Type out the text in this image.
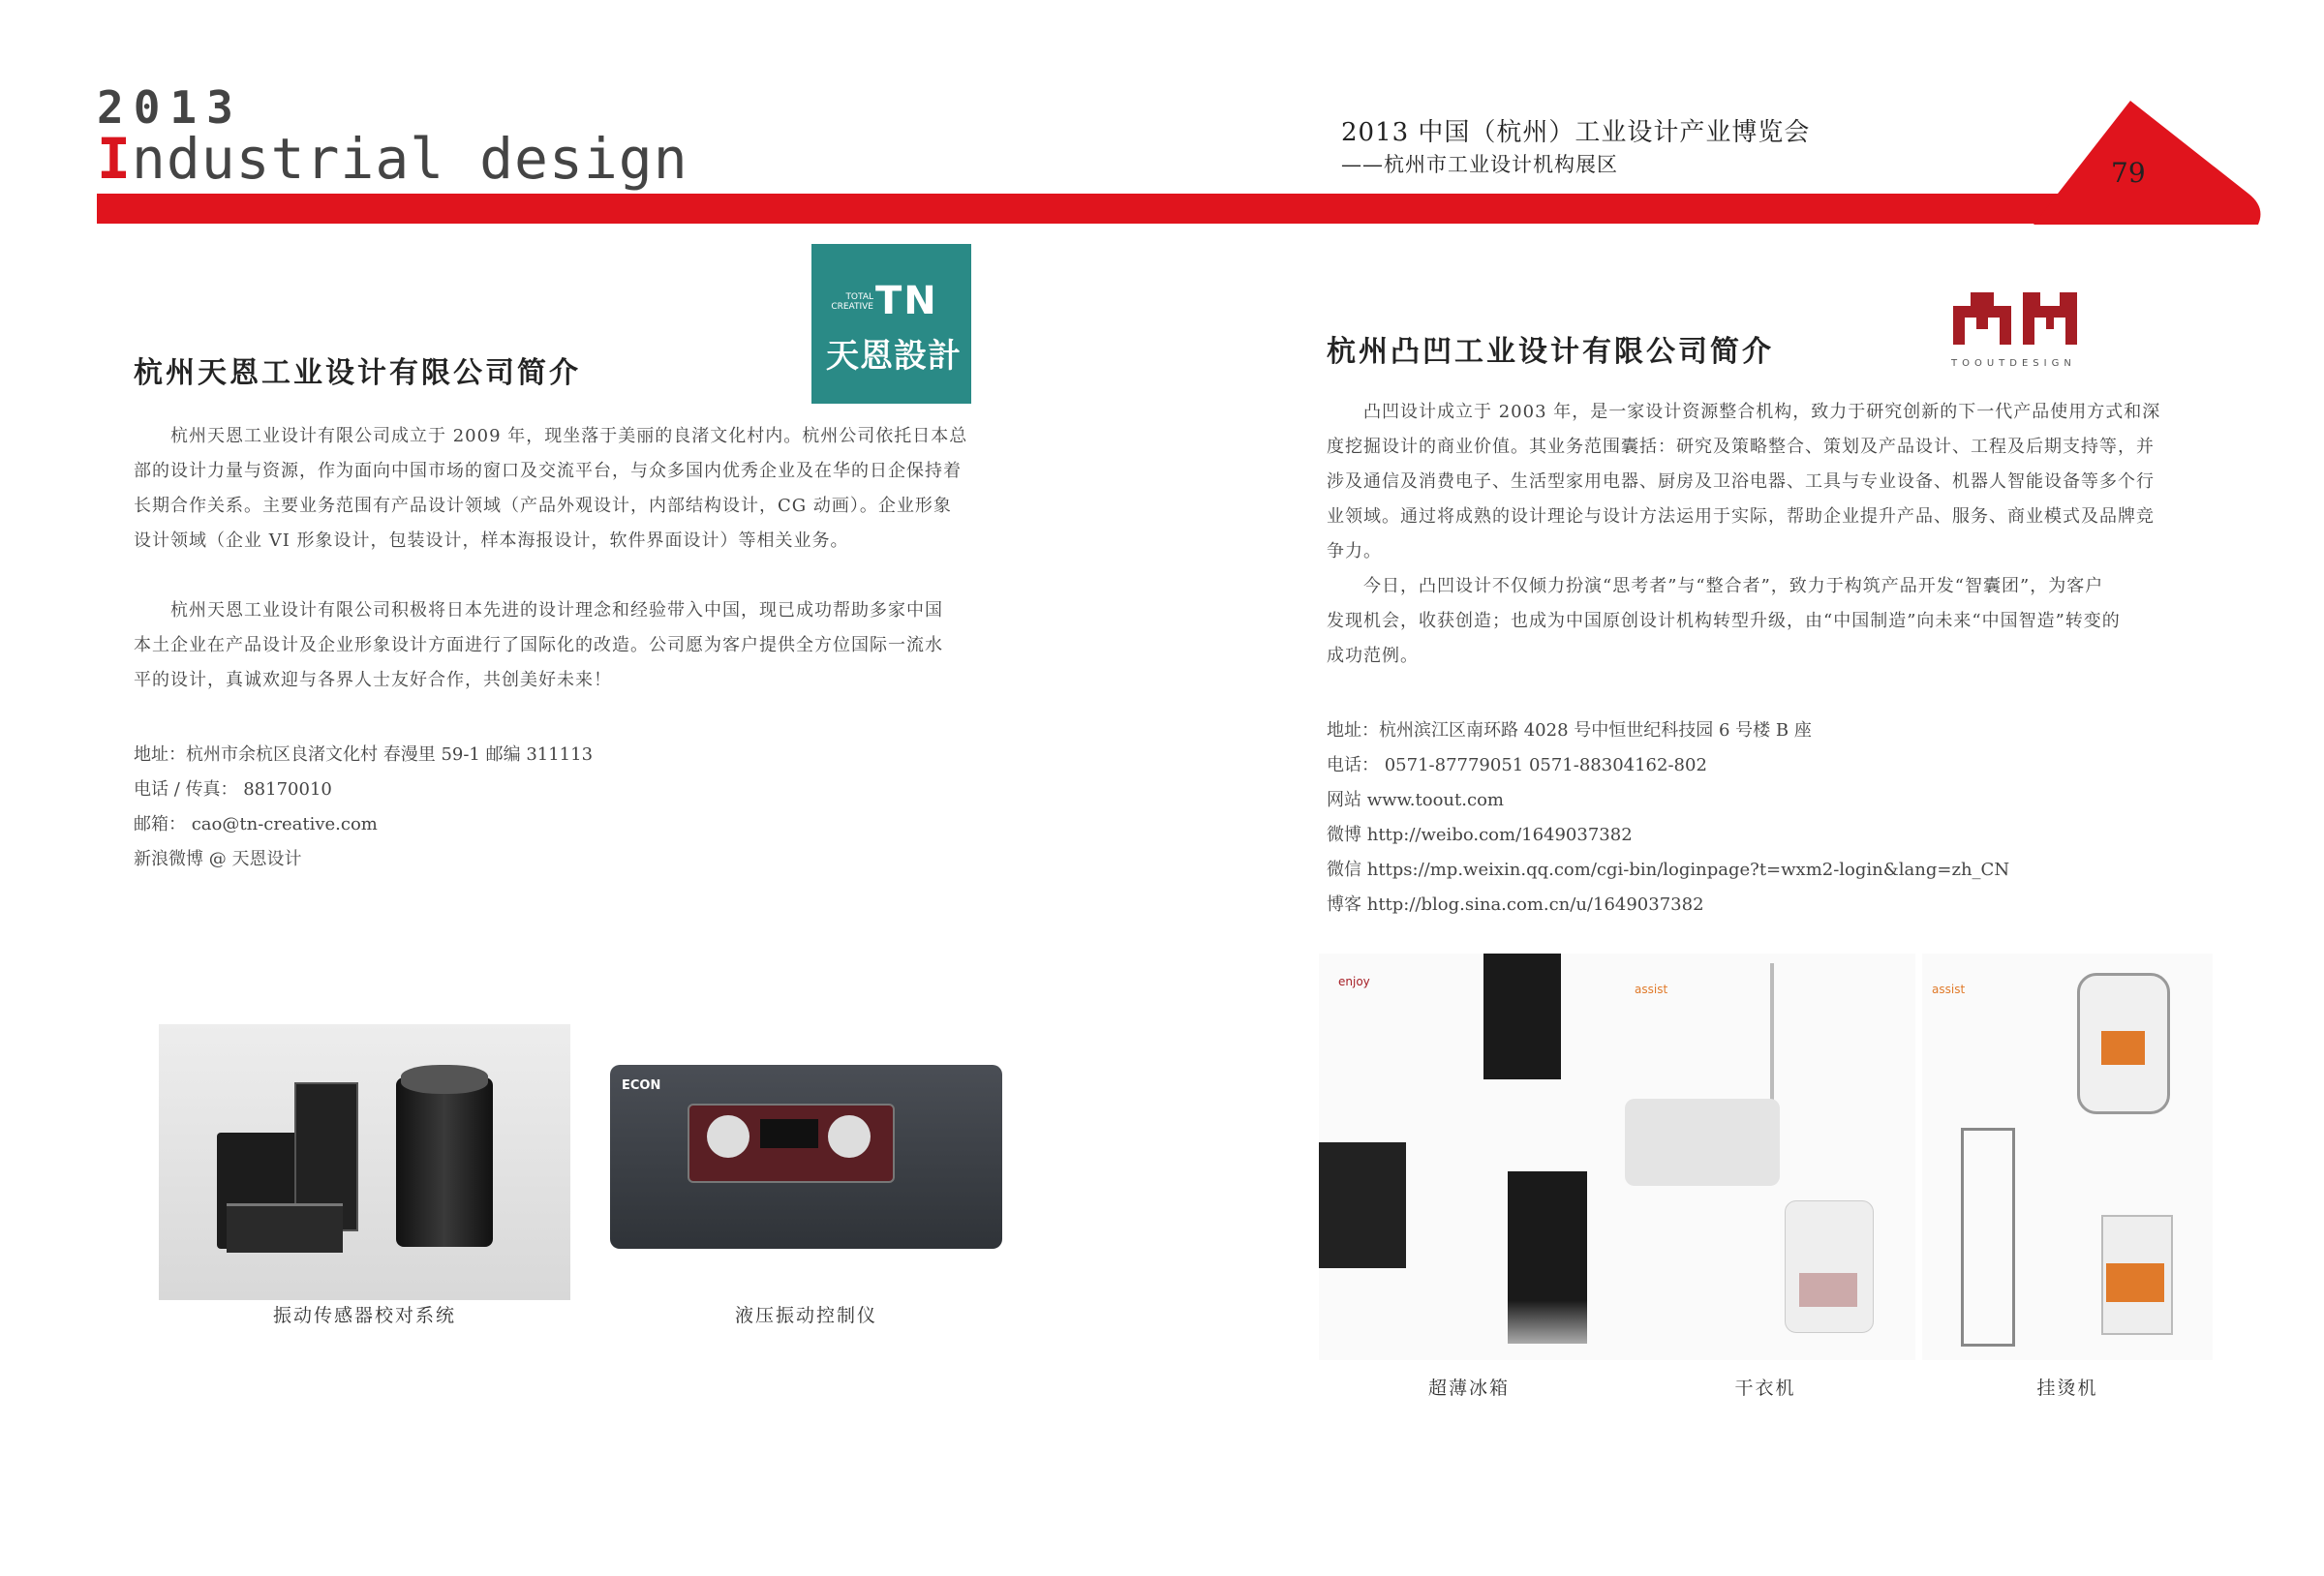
2013
Industrial design	2013 中国（杭州）工业设计产业博览会
——杭州市工业设计机构展区	79
TOTAL CREATIVE TN
天恩設計
杭州天恩工业设计有限公司简介
杭州天恩工业设计有限公司成立于 2009 年，现坐落于美丽的良渚文化村内。杭州公司依托日本总
部的设计力量与资源，作为面向中国市场的窗口及交流平台，与众多国内优秀企业及在华的日企保持着
长期合作关系。主要业务范围有产品设计领域（产品外观设计，内部结构设计，CG 动画）。企业形象
设计领域（企业 VI 形象设计，包装设计，样本海报设计，软件界面设计）等相关业务。
杭州天恩工业设计有限公司积极将日本先进的设计理念和经验带入中国，现已成功帮助多家中国
本土企业在产品设计及企业形象设计方面进行了国际化的改造。公司愿为客户提供全方位国际一流水
平的设计，真诚欢迎与各界人士友好合作，共创美好未来！
地址：杭州市余杭区良渚文化村 春漫里 59-1 邮编 311113
电话 / 传真： 88170010
邮箱： cao@tn-creative.com
新浪微博 @ 天恩设计
ECON
振动传感器校对系统	液压振动控制仪
TOOUTDESIGN
杭州凸凹工业设计有限公司简介
凸凹设计成立于 2003 年，是一家设计资源整合机构，致力于研究创新的下一代产品使用方式和深
度挖掘设计的商业价值。其业务范围囊括：研究及策略整合、策划及产品设计、工程及后期支持等，并
涉及通信及消费电子、生活型家用电器、厨房及卫浴电器、工具与专业设备、机器人智能设备等多个行
业领域。通过将成熟的设计理论与设计方法运用于实际，帮助企业提升产品、服务、商业模式及品牌竞
争力。
今日，凸凹设计不仅倾力扮演“思考者”与“整合者”，致力于构筑产品开发“智囊团”，为客户
发现机会，收获创造；也成为中国原创设计机构转型升级，由“中国制造”向未来“中国智造”转变的
成功范例。
地址：杭州滨江区南环路 4028 号中恒世纪科技园 6 号楼 B 座
电话： 0571-87779051 0571-88304162-802
网站 www.toout.com
微博 http://weibo.com/1649037382
微信 https://mp.weixin.qq.com/cgi-bin/loginpage?t=wxm2-login&lang=zh_CN
博客 http://blog.sina.com.cn/u/1649037382
enjoy
assist	assist
超薄冰箱	干衣机	挂烫机
